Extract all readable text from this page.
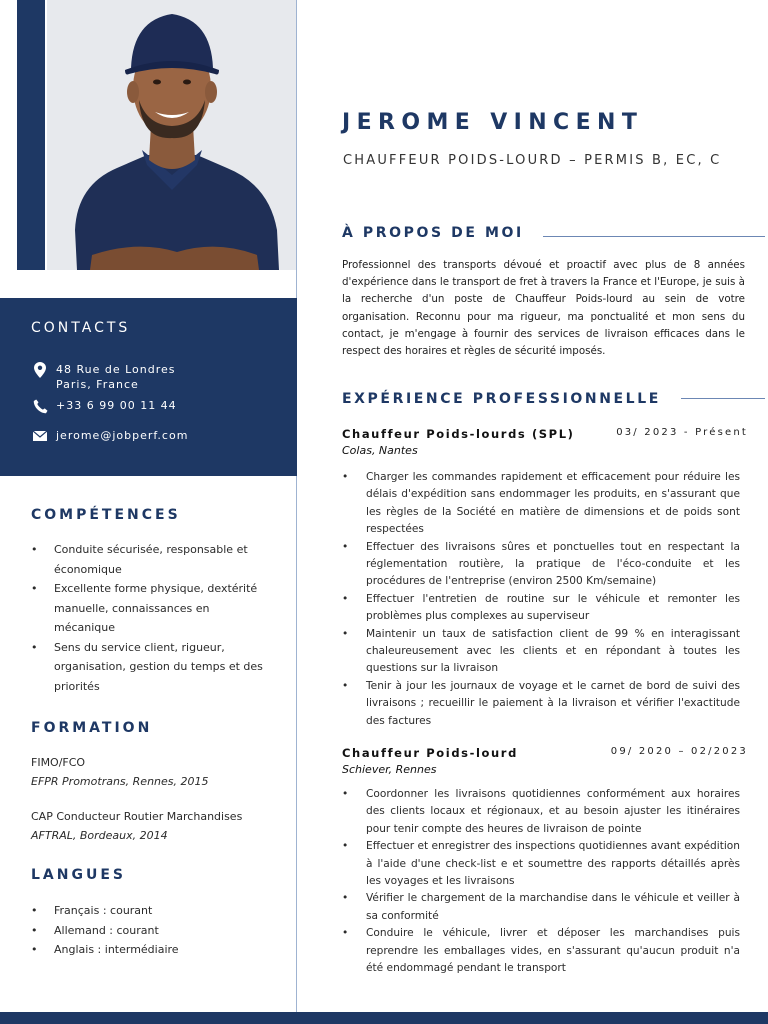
CONTACTS
48 Rue de Londres
Paris, France
+33 6 99 00 11 44
jerome@jobperf.com
COMPÉTENCES
• Conduite sécurisée, responsable et économique
• Excellente forme physique, dextérité manuelle, connaissances en mécanique
• Sens du service client, rigueur, organisation, gestion du temps et des priorités
FORMATION
FIMO/FCO
EFPR Promotrans, Rennes, 2015
CAP Conducteur Routier Marchandises
AFTRAL, Bordeaux, 2014
LANGUES
• Français : courant
• Allemand : courant
• Anglais : intermédiaire
JEROME VINCENT
CHAUFFEUR POIDS-LOURD – PERMIS B, EC, C
À PROPOS DE MOI
Professionnel des transports dévoué et proactif avec plus de 8 années d'expérience dans le transport de fret à travers la France et l'Europe, je suis à la recherche d'un poste de Chauffeur Poids-lourd au sein de votre organisation. Reconnu pour ma rigueur, ma ponctualité et mon sens du contact, je m'engage à fournir des services de livraison efficaces dans le respect des horaires et règles de sécurité imposés.
EXPÉRIENCE PROFESSIONNELLE
Chauffeur Poids-lourds (SPL)	03/ 2023 - Présent
Colas, Nantes
• Charger les commandes rapidement et efficacement pour réduire les délais d'expédition sans endommager les produits, en s'assurant que les règles de la Société en matière de dimensions et de poids sont respectées
• Effectuer des livraisons sûres et ponctuelles tout en respectant la réglementation routière, la pratique de l'éco-conduite et les procédures de l'entreprise (environ 2500 Km/semaine)
• Effectuer l'entretien de routine sur le véhicule et remonter les problèmes plus complexes au superviseur
• Maintenir un taux de satisfaction client de 99 % en interagissant chaleureusement avec les clients et en répondant à toutes les questions sur la livraison
• Tenir à jour les journaux de voyage et le carnet de bord de suivi des livraisons ; recueillir le paiement à la livraison et vérifier l'exactitude des factures
Chauffeur Poids-lourd	09/ 2020 – 02/2023
Schiever, Rennes
• Coordonner les livraisons quotidiennes conformément aux horaires des clients locaux et régionaux, et au besoin ajuster les itinéraires pour tenir compte des heures de livraison de pointe
• Effectuer et enregistrer des inspections quotidiennes avant expédition à l'aide d'une check-list e et soumettre des rapports détaillés après les voyages et les livraisons
• Vérifier le chargement de la marchandise dans le véhicule et veiller à sa conformité
• Conduire le véhicule, livrer et déposer les marchandises puis reprendre les emballages vides, en s'assurant qu'aucun produit n'a été endommagé pendant le transport
